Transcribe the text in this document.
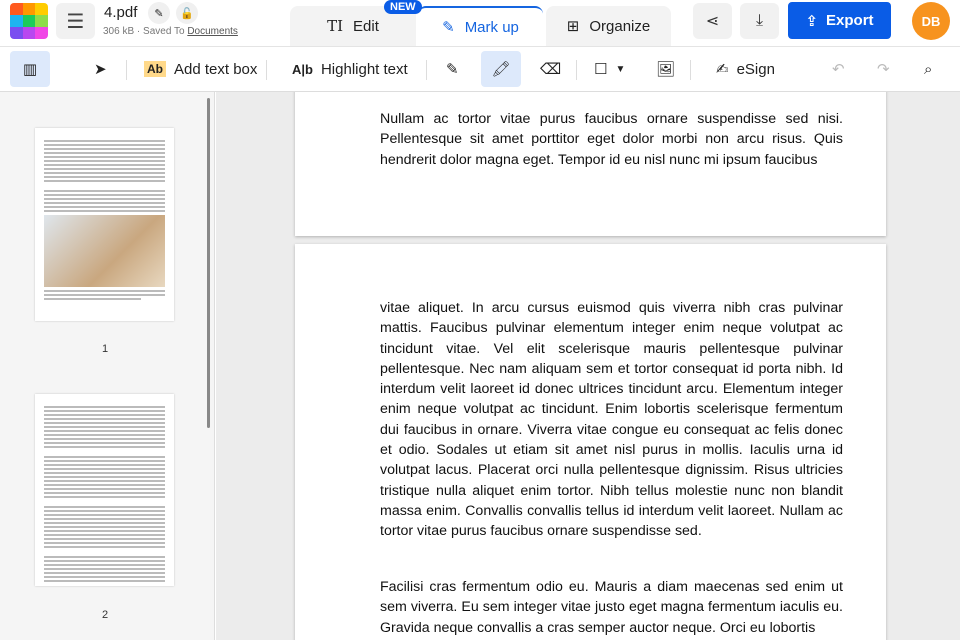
☰ 4.pdf ✎ 🔓
306 kB · Saved To Documents	TI Edit	✎ Mark up
NEW
⊞ Organize	⋖ ⤓	⇪ Export	DB
▥	➤	Ab Add text box	A|b Highlight text	✎ 🖍 ⌫ ☐ ▼ 🖼	✍ eSign	↶ ↷ ⌕
1
2
Nullam ac tortor vitae purus faucibus ornare suspendisse sed nisi. Pellentesque sit amet porttitor eget dolor morbi non arcu risus. Quis hendrerit dolor magna eget. Tempor id eu nisl nunc mi ipsum faucibus
vitae aliquet. In arcu cursus euismod quis viverra nibh cras pulvinar mattis. Faucibus pulvinar elementum integer enim neque volutpat ac tincidunt vitae. Vel elit scelerisque mauris pellentesque pulvinar pellentesque. Nec nam aliquam sem et tortor consequat id porta nibh. Id interdum velit laoreet id donec ultrices tincidunt arcu. Elementum integer enim neque volutpat ac tincidunt. Enim lobortis scelerisque fermentum dui faucibus in ornare. Viverra vitae congue eu consequat ac felis donec et odio. Sodales ut etiam sit amet nisl purus in mollis. Iaculis urna id volutpat lacus. Placerat orci nulla pellentesque dignissim. Risus ultricies tristique nulla aliquet enim tortor. Nibh tellus molestie nunc non blandit massa enim. Convallis convallis tellus id interdum velit laoreet. Nullam ac tortor vitae purus faucibus ornare suspendisse sed.
Facilisi cras fermentum odio eu. Mauris a diam maecenas sed enim ut sem viverra. Eu sem integer vitae justo eget magna fermentum iaculis eu. Gravida neque convallis a cras semper auctor neque. Orci eu lobortis
